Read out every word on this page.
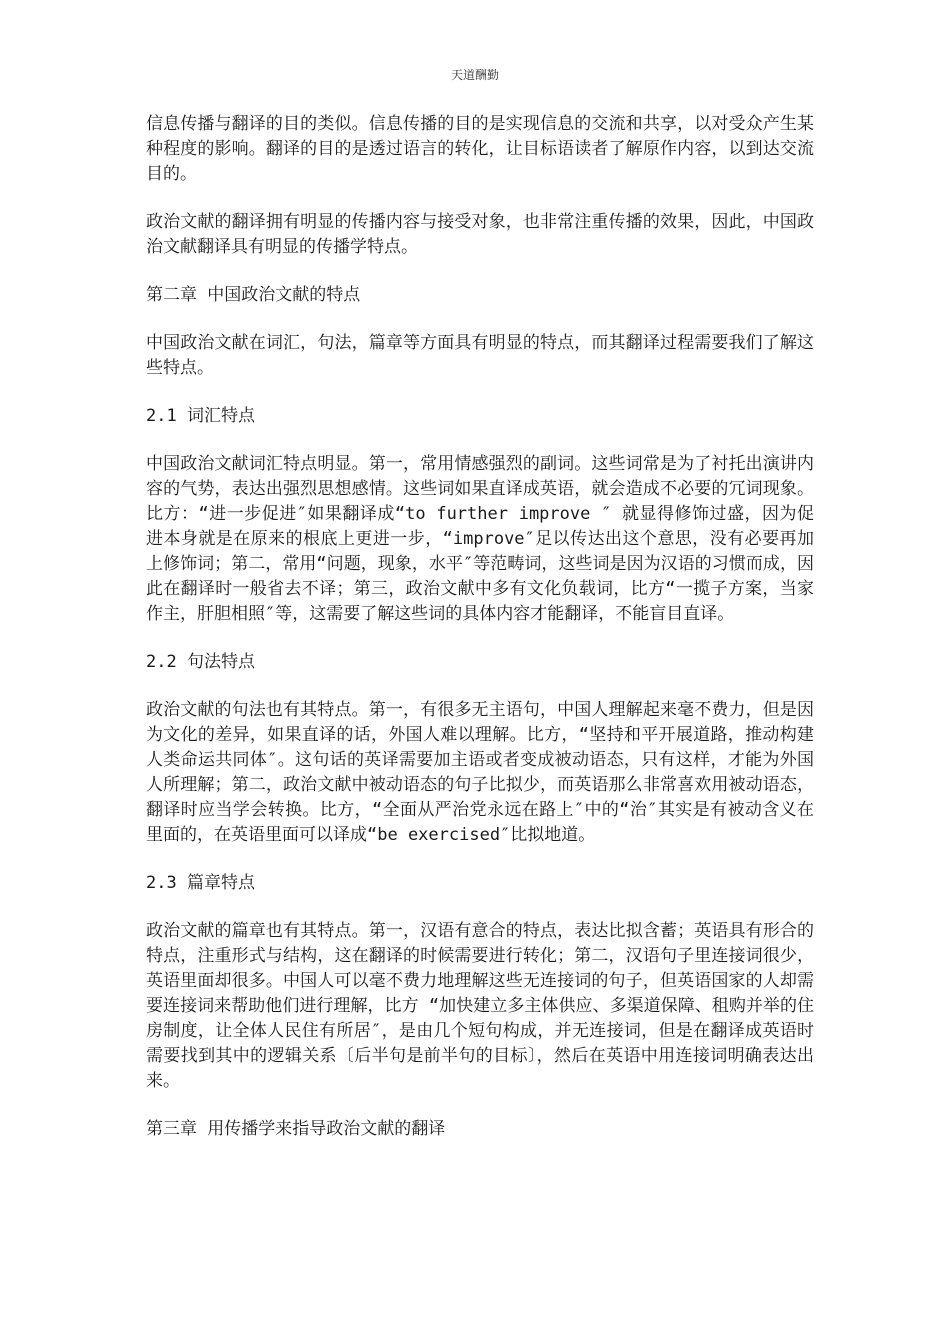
天道酬勤

信息传播与翻译的目的类似。信息传播的目的是实现信息的交流和共享，以对受众产生某种程度的影响。翻译的目的是透过语言的转化，让目标语读者了解原作内容，以到达交流目的。

政治文献的翻译拥有明显的传播内容与接受对象，也非常注重传播的效果，因此，中国政治文献翻译具有明显的传播学特点。

第二章 中国政治文献的特点

中国政治文献在词汇，句法，篇章等方面具有明显的特点，而其翻译过程需要我们了解这些特点。

2.1 词汇特点

中国政治文献词汇特点明显。第一，常用情感强烈的副词。这些词常是为了衬托出演讲内容的气势，表达出强烈思想感情。这些词如果直译成英语，就会造成不必要的冗词现象。比方：“进一步促进″如果翻译成“to further improve ″ 就显得修饰过盛，因为促进本身就是在原来的根底上更进一步，“improve″足以传达出这个意思，没有必要再加上修饰词；第二，常用“问题，现象，水平″等范畴词，这些词是因为汉语的习惯而成，因此在翻译时一般省去不译；第三，政治文献中多有文化负载词，比方“一揽子方案，当家作主，肝胆相照″等，这需要了解这些词的具体内容才能翻译，不能盲目直译。

2.2 句法特点

政治文献的句法也有其特点。第一，有很多无主语句，中国人理解起来毫不费力，但是因为文化的差异，如果直译的话，外国人难以理解。比方，“坚持和平开展道路，推动构建人类命运共同体″。这句话的英译需要加主语或者变成被动语态，只有这样，才能为外国人所理解；第二，政治文献中被动语态的句子比拟少，而英语那么非常喜欢用被动语态，翻译时应当学会转换。比方，“全面从严治党永远在路上″中的“治″其实是有被动含义在里面的，在英语里面可以译成“be exercised″比拟地道。

2.3 篇章特点

政治文献的篇章也有其特点。第一，汉语有意合的特点，表达比拟含蓄；英语具有形合的特点，注重形式与结构，这在翻译的时候需要进行转化；第二，汉语句子里连接词很少，英语里面却很多。中国人可以毫不费力地理解这些无连接词的句子，但英语国家的人却需要连接词来帮助他们进行理解，比方 “加快建立多主体供应、多渠道保障、租购并举的住房制度，让全体人民住有所居″，是由几个短句构成，并无连接词，但是在翻译成英语时需要找到其中的逻辑关系〔后半句是前半句的目标〕，然后在英语中用连接词明确表达出来。

第三章 用传播学来指导政治文献的翻译
